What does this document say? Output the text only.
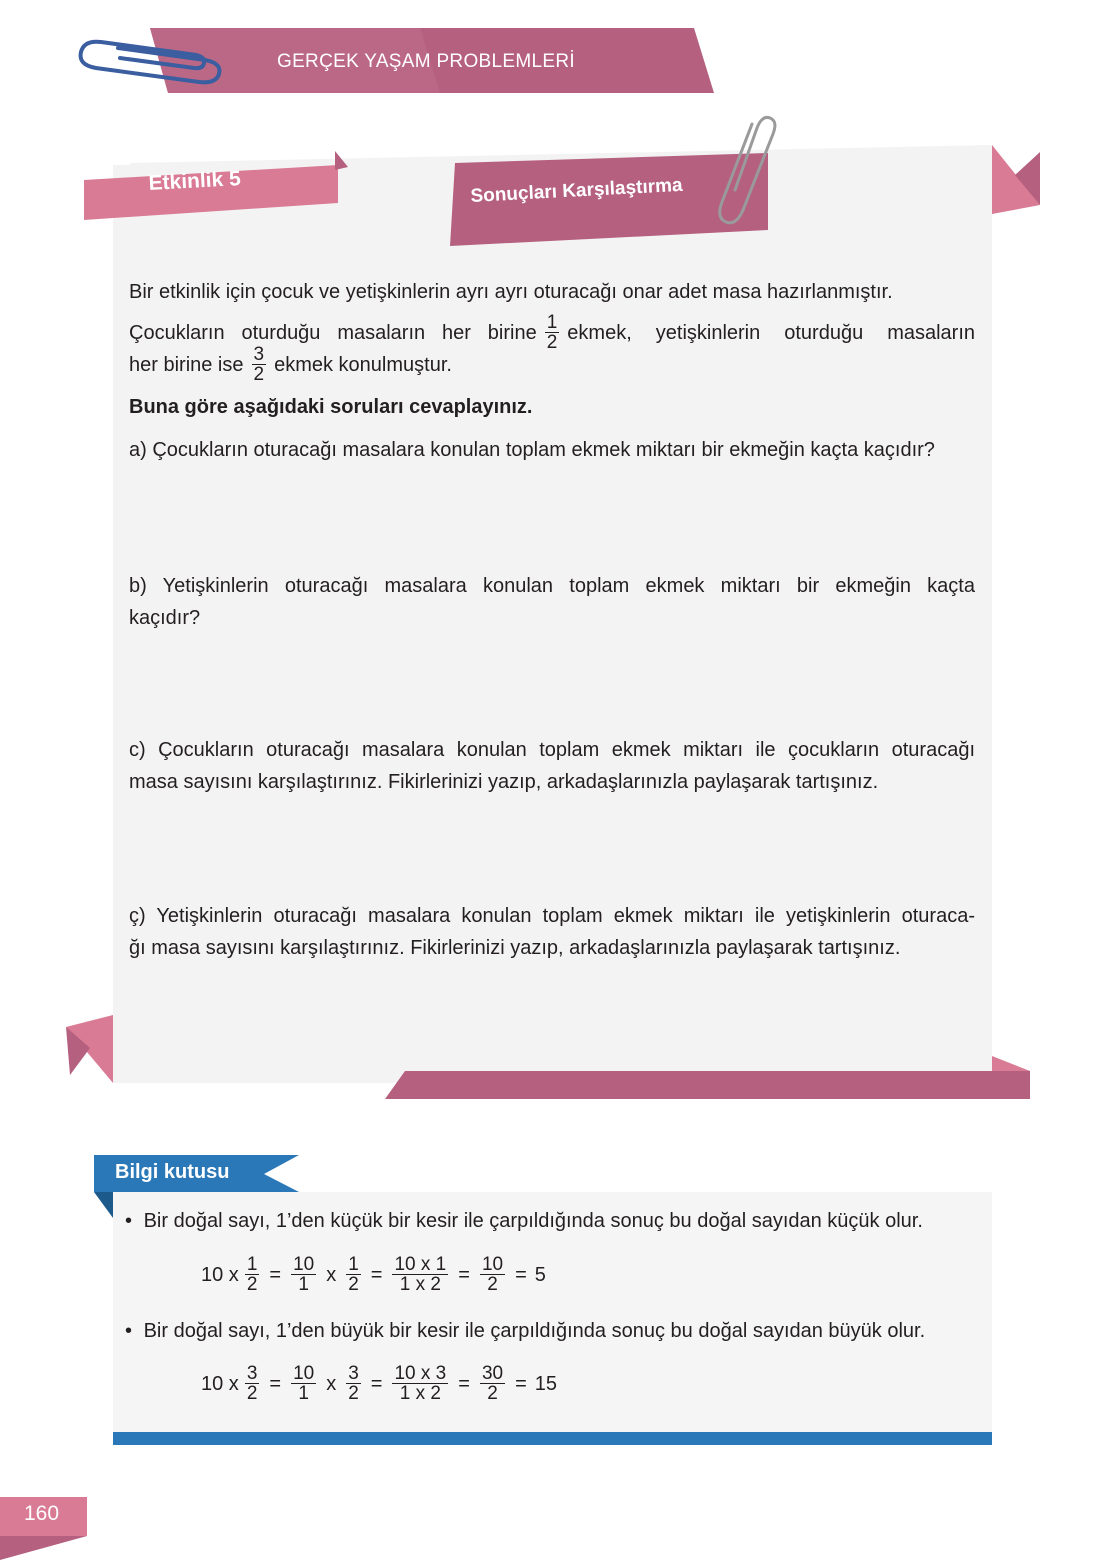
GERÇEK YAŞAM PROBLEMLERİ
Etkinlik 5	Sonuçları Karşılaştırma
Bir etkinlik için çocuk ve yetişkinlerin ayrı ayrı oturacağı onar adet masa hazırlanmıştır.
Çocukların oturduğu masaların her birine $\frac{1}{2}$ ekmek, yetişkinlerin oturduğu masaların
her birine ise $\frac{3}{2}$ ekmek konulmuştur.
Buna göre aşağıdaki soruları cevaplayınız.
a) Çocukların oturacağı masalara konulan toplam ekmek miktarı bir ekmeğin kaçta kaçıdır?
b) Yetişkinlerin oturacağı masalara konulan toplam ekmek miktarı bir ekmeğin kaçta
kaçıdır?
c) Çocukların oturacağı masalara konulan toplam ekmek miktarı ile çocukların oturacağı
masa sayısını karşılaştırınız. Fikirlerinizi yazıp, arkadaşlarınızla paylaşarak tartışınız.
ç) Yetişkinlerin oturacağı masalara konulan toplam ekmek miktarı ile yetişkinlerin oturaca-
ğı masa sayısını karşılaştırınız. Fikirlerinizi yazıp, arkadaşlarınızla paylaşarak tartışınız.
Bilgi kutusu
• Bir doğal sayı, 1’den küçük bir kesir ile çarpıldığında sonuç bu doğal sayıdan küçük olur.
10 x $\frac{1}{2} = \frac{10}{1}$ x $\frac{1}{2} = \frac{10 x 1}{1 x 2} = \frac{10}{2} = 5$
• Bir doğal sayı, 1’den büyük bir kesir ile çarpıldığında sonuç bu doğal sayıdan büyük olur.
10 x $\frac{3}{2} = \frac{10}{1}$ x $\frac{3}{2} = \frac{10 x 3}{1 x 2} = \frac{30}{2} = 15$
160
